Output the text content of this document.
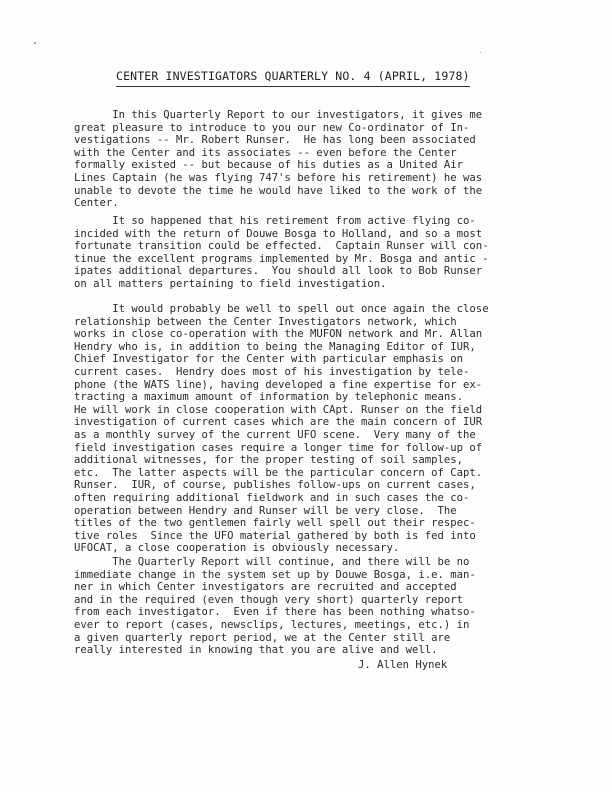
CENTER INVESTIGATORS QUARTERLY NO. 4 (APRIL, 1978)
In this Quarterly Report to our investigators, it gives me
great pleasure to introduce to you our new Co-ordinator of In-
vestigations -- Mr. Robert Runser.  He has long been associated
with the Center and its associates -- even before the Center
formally existed -- but because of his duties as a United Air
Lines Captain (he was flying 747's before his retirement) he was
unable to devote the time he would have liked to the work of the
Center.
It so happened that his retirement from active flying co-
incided with the return of Douwe Bosga to Holland, and so a most
fortunate transition could be effected.  Captain Runser will con-
tinue the excellent programs implemented by Mr. Bosga and antic -
ipates additional departures.  You should all look to Bob Runser
on all matters pertaining to field investigation.
It would probably be well to spell out once again the close
relationship between the Center Investigators network, which
works in close co-operation with the MUFON network and Mr. Allan
Hendry who is, in addition to being the Managing Editor of IUR,
Chief Investigator for the Center with particular emphasis on
current cases.  Hendry does most of his investigation by tele-
phone (the WATS line), having developed a fine expertise for ex-
tracting a maximum amount of information by telephonic means.
He will work in close cooperation with CApt. Runser on the field
investigation of current cases which are the main concern of IUR
as a monthly survey of the current UFO scene.  Very many of the
field investigation cases require a longer time for follow-up of
additional witnesses, for the proper testing of soil samples,
etc.  The latter aspects will be the particular concern of Capt.
Runser.  IUR, of course, publishes follow-ups on current cases,
often requiring additional fieldwork and in such cases the co-
operation between Hendry and Runser will be very close.  The
titles of the two gentlemen fairly well spell out their respec-
tive roles  Since the UFO material gathered by both is fed into
UFOCAT, a close cooperation is obviously necessary.
The Quarterly Report will continue, and there will be no
immediate change in the system set up by Douwe Bosga, i.e. man-
ner in which Center investigators are recruited and accepted
and in the required (even though very short) quarterly report
from each investigator.  Even if there has been nothing whatso-
ever to report (cases, newsclips, lectures, meetings, etc.) in
a given quarterly report period, we at the Center still are
really interested in knowing that you are alive and well.
J. Allen Hynek
